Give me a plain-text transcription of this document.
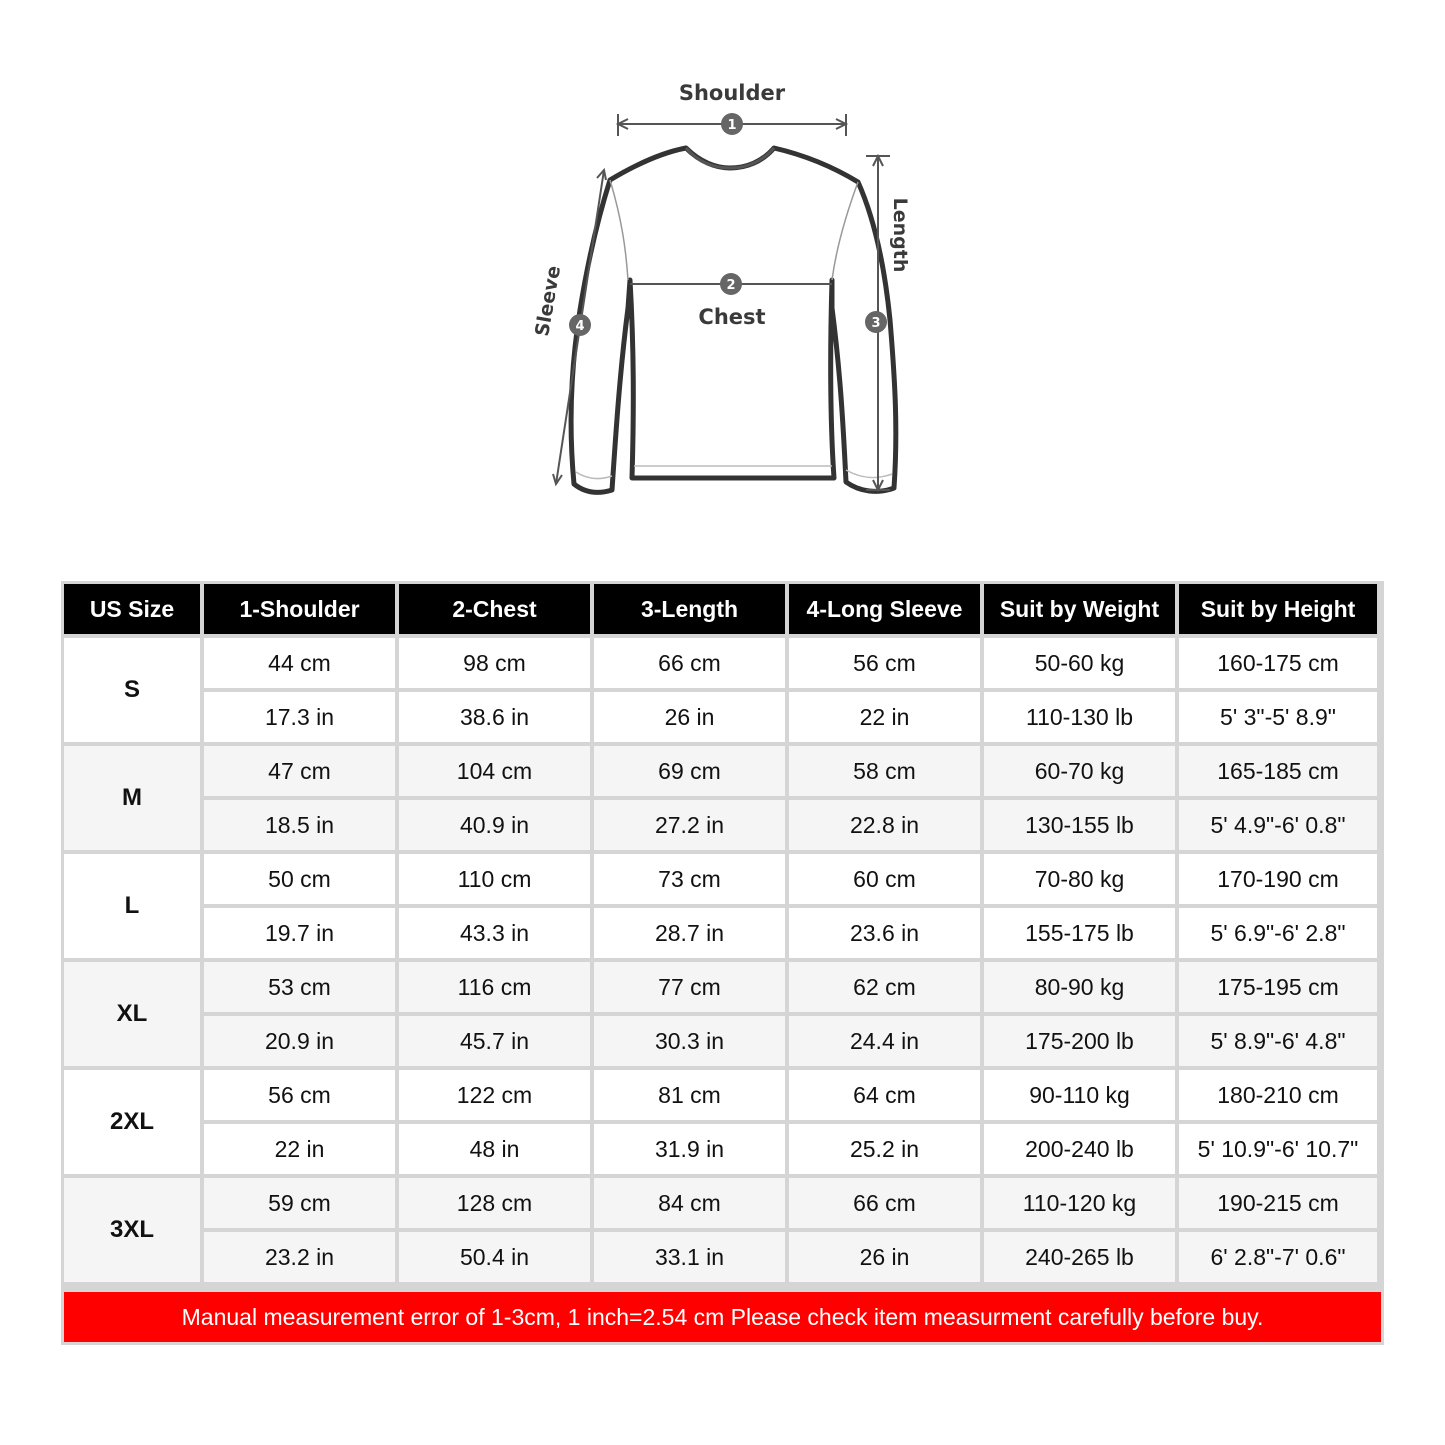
1
Shoulder
2
Chest	3
Length
4
Sleeve
US Size	1-Shoulder	2-Chest	3-Length	4-Long Sleeve	Suit by Weight	Suit by Height
S	44 cm	98 cm	66 cm	56 cm	50-60 kg	160-175 cm
	17.3 in	38.6 in	26 in	22 in	110-130 lb	5' 3"-5' 8.9"
M	47 cm	104 cm	69 cm	58 cm	60-70 kg	165-185 cm
	18.5 in	40.9 in	27.2 in	22.8 in	130-155 lb	5' 4.9"-6' 0.8"
L	50 cm	110 cm	73 cm	60 cm	70-80 kg	170-190 cm
	19.7 in	43.3 in	28.7 in	23.6 in	155-175 lb	5' 6.9"-6' 2.8"
XL	53 cm	116 cm	77 cm	62 cm	80-90 kg	175-195 cm
	20.9 in	45.7 in	30.3 in	24.4 in	175-200 lb	5' 8.9"-6' 4.8"
2XL	56 cm	122 cm	81 cm	64 cm	90-110 kg	180-210 cm
	22 in	48 in	31.9 in	25.2 in	200-240 lb	5' 10.9"-6' 10.7"
3XL	59 cm	128 cm	84 cm	66 cm	110-120 kg	190-215 cm
	23.2 in	50.4 in	33.1 in	26 in	240-265 lb	6' 2.8"-7' 0.6"
Manual measurement error of 1-3cm, 1 inch=2.54 cm Please check item measurment carefully before buy.
